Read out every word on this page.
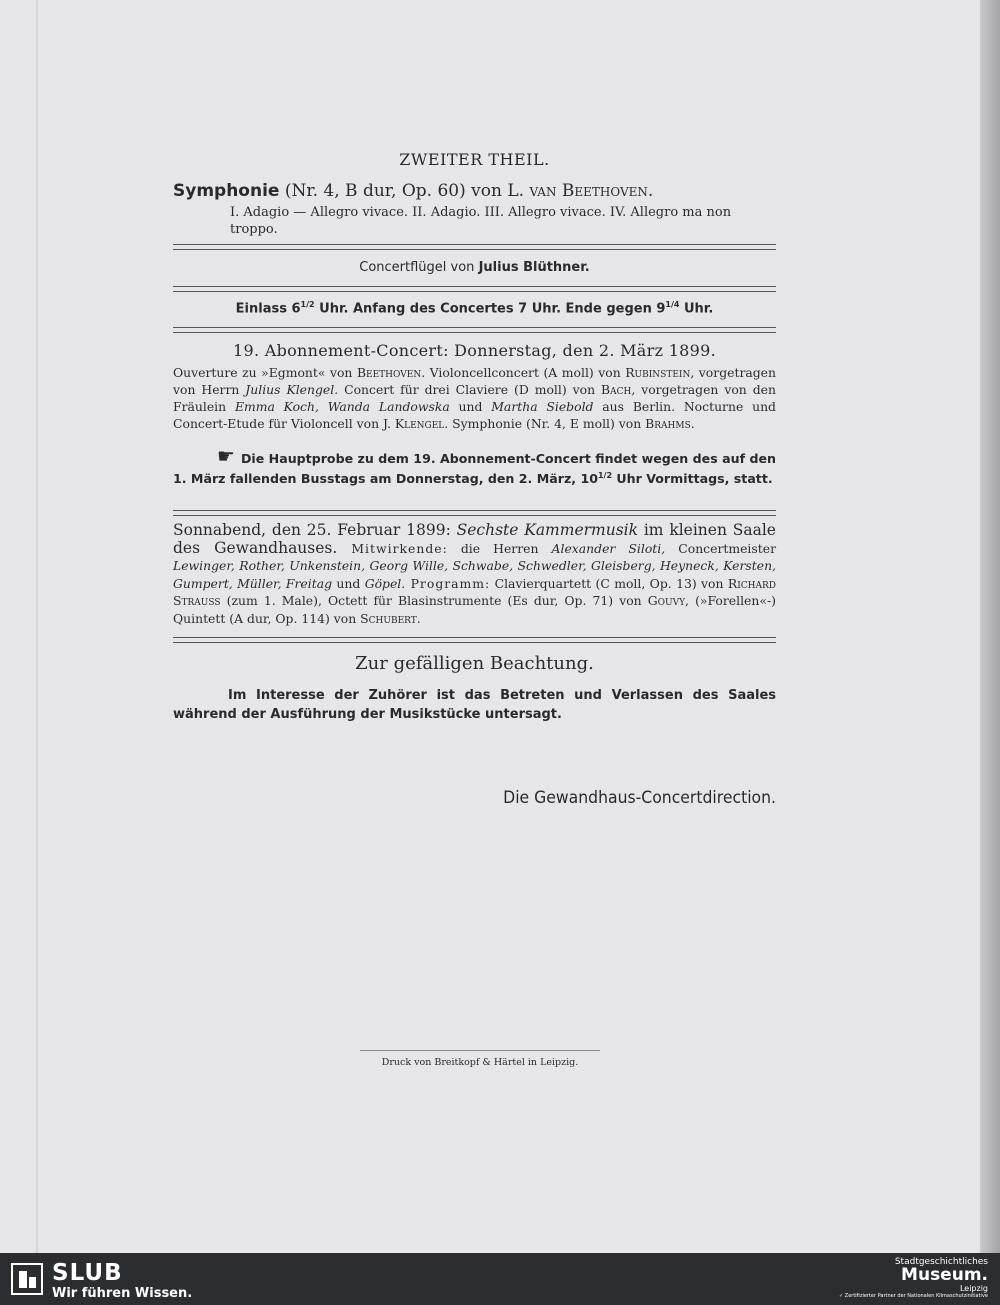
ZWEITER THEIL.
Symphonie (Nr. 4, B dur, Op. 60) von L. van Beethoven.
I. Adagio — Allegro vivace. II. Adagio. III. Allegro vivace. IV. Allegro ma non troppo.
Concertflügel von Julius Blüthner.
Einlass $6^{1/2}$ Uhr. Anfang des Concertes 7 Uhr. Ende gegen $9^{1/4}$ Uhr.
19. Abonnement-Concert: Donnerstag, den 2. März 1899.

Ouverture zu »Egmont« von Beethoven. Violoncellconcert (A moll) von Rubinstein, vorgetragen von Herrn Julius Klengel. Concert für drei Claviere (D moll) von Bach, vorgetragen von den Fräulein Emma Koch, Wanda Landowska und Martha Siebold aus Berlin. Nocturne und Concert-Etude für Violoncell von J. Klengel. Symphonie (Nr. 4, E moll) von Brahms.

☛ Die Hauptprobe zu dem 19. Abonnement-Concert findet wegen des auf den 1. März fallenden Busstags am Donnerstag, den 2. März, $10^{1/2}$ Uhr Vormittags, statt.

Sonnabend, den 25. Februar 1899: Sechste Kammermusik im kleinen Saale des Gewandhauses. Mitwirkende: die Herren Alexander Siloti, Concertmeister Lewinger, Rother, Unkenstein, Georg Wille, Schwabe, Schwedler, Gleisberg, Heyneck, Kersten, Gumpert, Müller, Freitag und Göpel. Programm: Clavierquartett (C moll, Op. 13) von Richard Strauss (zum 1. Male), Octett für Blasinstrumente (Es dur, Op. 71) von Gouvy, (»Forellen«-) Quintett (A dur, Op. 114) von Schubert.

Zur gefälligen Beachtung.

Im Interesse der Zuhörer ist das Betreten und Verlassen des Saales während der Ausführung der Musikstücke untersagt.

Die Gewandhaus-Concertdirection.
Druck von Breitkopf & Härtel in Leipzig.
SLUB
Wir führen Wissen.
Stadtgeschichtliches
Museum.
Leipzig
✓ Zertifizierter Partner der Nationalen Klimaschutzinitiative
